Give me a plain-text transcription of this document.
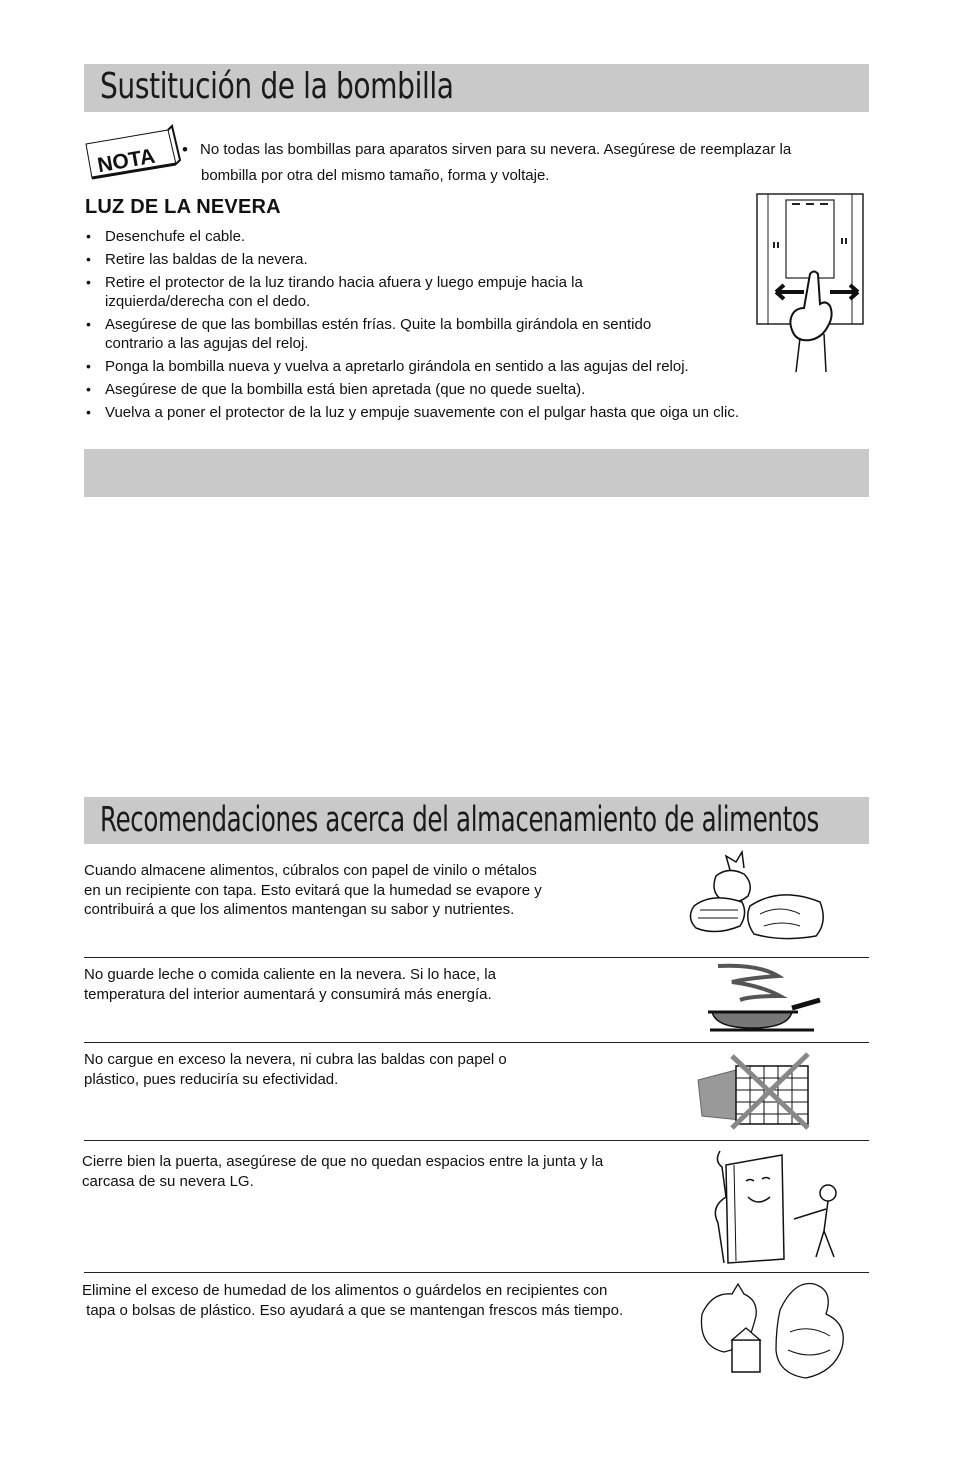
Sustitución de la bombilla
NOTA • No todas las bombillas para aparatos sirven para su nevera. Asegúrese de reemplazar la
bombilla por otra del mismo tamaño, forma y voltaje.
LUZ DE LA NEVERA
• Desenchufe el cable.
• Retire las baldas de la nevera.
• Retire el protector de la luz tirando hacia afuera y luego empuje hacia la
izquierda/derecha con el dedo.
• Asegúrese de que las bombillas estén frías. Quite la bombilla girándola en sentido
contrario a las agujas del reloj.
• Ponga la bombilla nueva y vuelva a apretarlo girándola en sentido a las agujas del reloj.
• Asegúrese de que la bombilla está bien apretada (que no quede suelta).
• Vuelva a poner el protector de la luz y empuje suavemente con el pulgar hasta que oiga un clic.
Recomendaciones acerca del almacenamiento de alimentos
Cuando almacene alimentos, cúbralos con papel de vinilo o métalos
en un recipiente con tapa. Esto evitará que la humedad se evapore y
contribuirá a que los alimentos mantengan su sabor y nutrientes.
No guarde leche o comida caliente en la nevera. Si lo hace, la
temperatura del interior aumentará y consumirá más energía.
No cargue en exceso la nevera, ni cubra las baldas con papel o
plástico, pues reduciría su efectividad.
Cierre bien la puerta, asegúrese de que no quedan espacios entre la junta y la
carcasa de su nevera LG.
Elimine el exceso de humedad de los alimentos o guárdelos en recipientes con
tapa o bolsas de plástico. Eso ayudará a que se mantengan frescos más tiempo.
